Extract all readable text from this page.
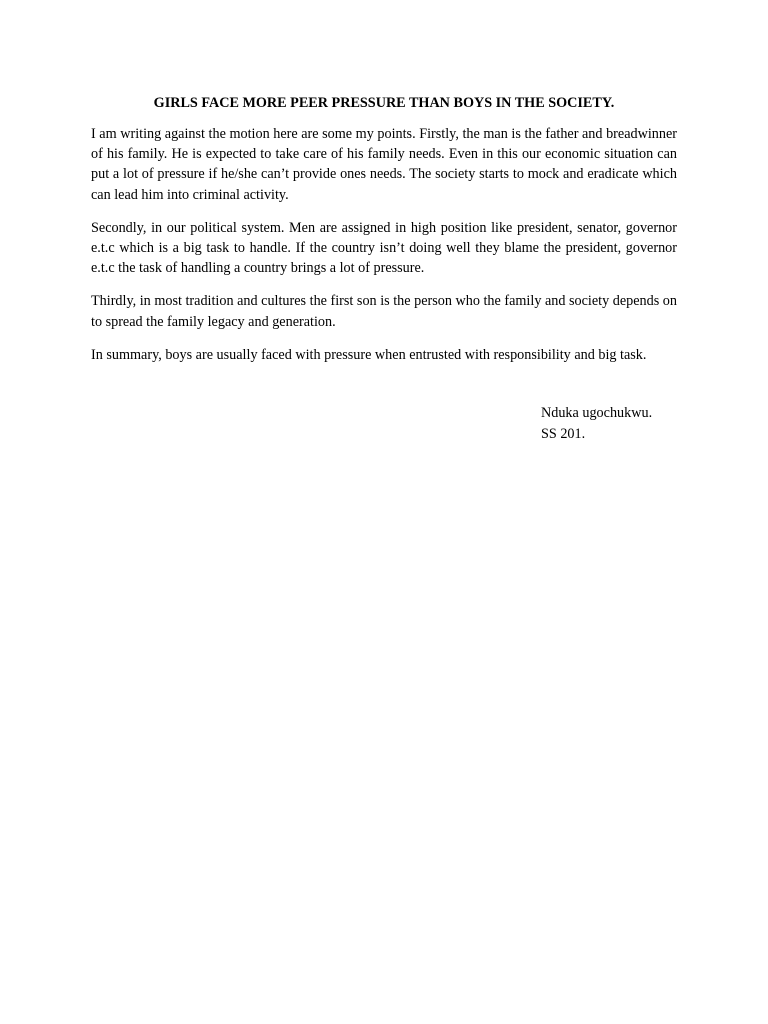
GIRLS FACE MORE PEER PRESSURE THAN BOYS IN THE SOCIETY.

I am writing against the motion here are some my points. Firstly, the man is the father and breadwinner of his family. He is expected to take care of his family needs. Even in this our economic situation can put a lot of pressure if he/she can’t provide ones needs. The society starts to mock and eradicate which can lead him into criminal activity.

Secondly, in our political system. Men are assigned in high position like president, senator, governor e.t.c which is a big task to handle. If the country isn’t doing well they blame the president, governor e.t.c the task of handling a country brings a lot of pressure.

Thirdly, in most tradition and cultures the first son is the person who the family and society depends on to spread the family legacy and generation.

In summary, boys are usually faced with pressure when entrusted with responsibility and big task.

Nduka ugochukwu.
SS 201.
